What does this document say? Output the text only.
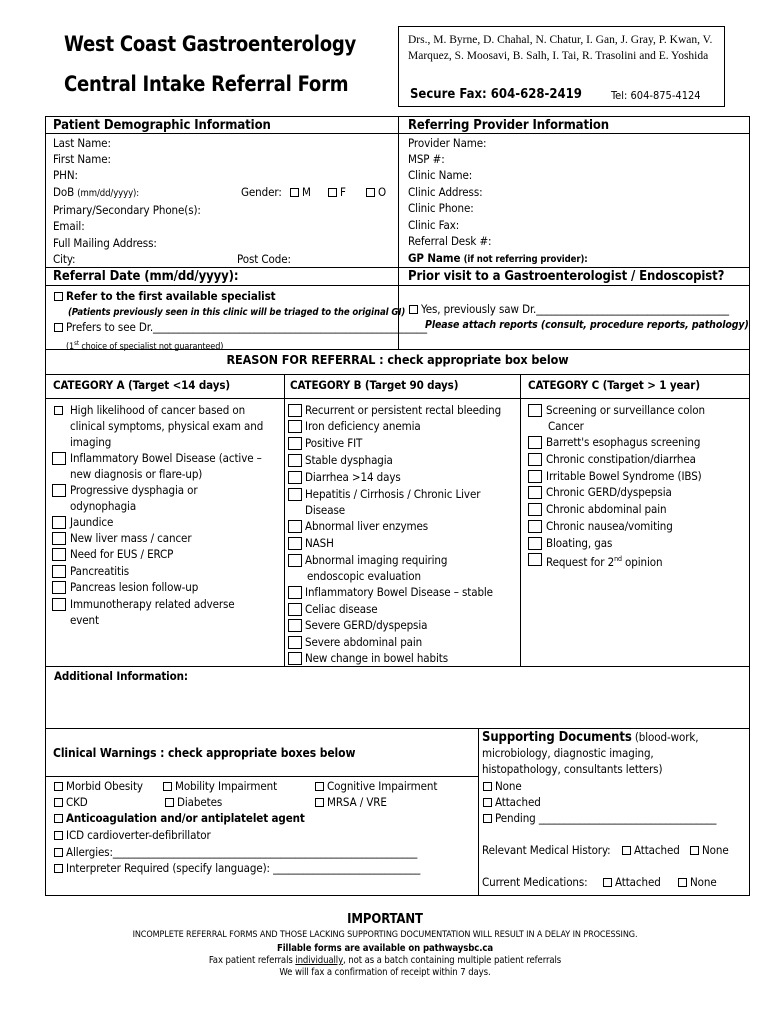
West Coast Gastroenterology
Central Intake Referral Form
Drs., M. Byrne, D. Chahal, N. Chatur, I. Gan, J. Gray, P. Kwan, V. Marquez, S. Moosavi, B. Salh, I. Tai, R. Trasolini and E. Yoshida
Secure Fax: 604-628-2419	Tel: 604-875-4124
Patient Demographic Information
Last Name:
First Name:
PHN:
DoB (mm/dd/yyyy):	Gender:	M	F	O
Primary/Secondary Phone(s):
Email:
Full Mailing Address:
City:	Post Code:
Referring Provider Information
Provider Name:
MSP #:
Clinic Name:
Clinic Address:
Clinic Phone:
Clinic Fax:
Referral Desk #:
GP Name (if not referring provider):
Referral Date (mm/dd/yyyy):	Prior visit to a Gastroenterologist / Endoscopist?
Refer to the first available specialist
(Patients previously seen in this clinic will be triaged to the original GI)
Prefers to see Dr.______________________________________________________
(1st choice of specialist not guaranteed)
Yes, previously saw Dr.______________________________________
Please attach reports (consult, procedure reports, pathology)
REASON FOR REFERRAL : check appropriate box below
CATEGORY A (Target <14 days)	CATEGORY B (Target 90 days)	CATEGORY C (Target > 1 year)
High likelihood of cancer based on
clinical symptoms, physical exam and
imaging
Inflammatory Bowel Disease (active –
new diagnosis or flare-up)
Progressive dysphagia or
odynophagia
Jaundice
New liver mass / cancer
Need for EUS / ERCP
Pancreatitis
Pancreas lesion follow-up
Immunotherapy related adverse
event
Recurrent or persistent rectal bleeding
Iron deficiency anemia
Positive FIT
Stable dysphagia
Diarrhea >14 days
Hepatitis / Cirrhosis / Chronic Liver
Disease
Abnormal liver enzymes
NASH
Abnormal imaging requiring
endoscopic evaluation
Inflammatory Bowel Disease – stable
Celiac disease
Severe GERD/dyspepsia
Severe abdominal pain
New change in bowel habits
Screening or surveillance colon
Cancer
Barrett's esophagus screening
Chronic constipation/diarrhea
Irritable Bowel Syndrome (IBS)
Chronic GERD/dyspepsia
Chronic abdominal pain
Chronic nausea/vomiting
Bloating, gas
Request for 2nd opinion
Additional Information:
Clinical Warnings : check appropriate boxes below
Morbid Obesity	Mobility Impairment	Cognitive Impairment
CKD	Diabetes	MRSA / VRE
Anticoagulation and/or antiplatelet agent
ICD cardioverter-defibrillator
Allergies:____________________________________________________________
Interpreter Required (specify language): _____________________________
Supporting Documents (blood-work,
microbiology, diagnostic imaging,
histopathology, consultants letters)
None
Attached
Pending ___________________________________
Relevant Medical History:	Attached	None
Current Medications:	Attached	None
IMPORTANT
INCOMPLETE REFERRAL FORMS AND THOSE LACKING SUPPORTING DOCUMENTATION WILL RESULT IN A DELAY IN PROCESSING.
Fillable forms are available on pathwaysbc.ca
Fax patient referrals individually, not as a batch containing multiple patient referrals
We will fax a confirmation of receipt within 7 days.
